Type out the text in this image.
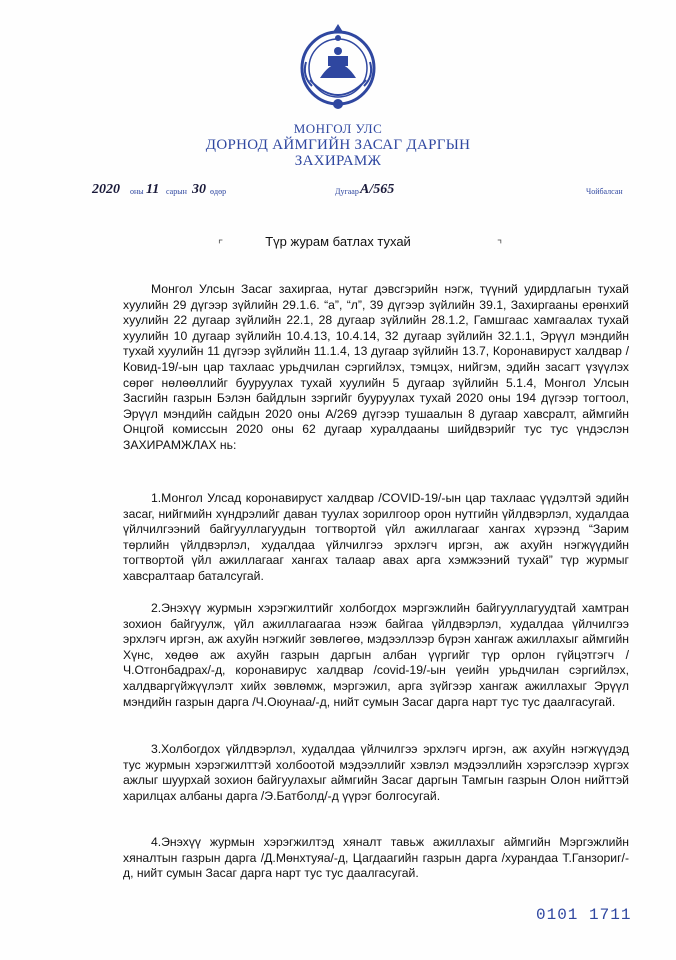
МОНГОЛ УЛС
ДОРНОД АЙМГИЙН ЗАСАГ ДАРГЫН
ЗАХИРАМЖ
2020 оны 11 сарын 30 өдөр	Дугаар А/565	Чойбалсан
⌜	Түр журам батлах тухай	⌝
Монгол Улсын Засаг захиргаа, нутаг дэвсгэрийн нэгж, түүний удирдлагын тухай хуулийн 29 дүгээр зүйлийн 29.1.6. “а”, “л”, 39 дүгээр зүйлийн 39.1, Захиргааны ерөнхий хуулийн 22 дугаар зүйлийн 22.1, 28 дугаар зүйлийн 28.1.2, Гамшгаас хамгаалах тухай хуулийн 10 дугаар зүйлийн 10.4.13, 10.4.14, 32 дугаар зүйлийн 32.1.1, Эрүүл мэндийн тухай хуулийн 11 дүгээр зүйлийн 11.1.4, 13 дугаар зүйлийн 13.7, Коронавируст халдвар /Ковид-19/-ын цар тахлаас урьдчилан сэргийлэх, тэмцэх, нийгэм, эдийн засагт үзүүлэх сөрөг нөлөөллийг бууруулах тухай хуулийн 5 дугаар зүйлийн 5.1.4, Монгол Улсын Засгийн газрын Бэлэн байдлын зэргийг бууруулах тухай 2020 оны 194 дүгээр тогтоол, Эрүүл мэндийн сайдын 2020 оны А/269 дүгээр тушаалын 8 дугаар хавсралт, аймгийн Онцгой комиссын 2020 оны 62 дугаар хуралдааны шийдвэрийг тус тус үндэслэн ЗАХИРАМЖЛАХ нь:
1.Монгол Улсад коронавируст халдвар /COVID-19/-ын цар тахлаас үүдэлтэй эдийн засаг, нийгмийн хүндрэлийг даван туулах зорилгоор орон нутгийн үйлдвэрлэл, худалдаа үйлчилгээний байгууллагуудын тогтвортой үйл ажиллагааг хангах хүрээнд “Зарим төрлийн үйлдвэрлэл, худалдаа үйлчилгээ эрхлэгч иргэн, аж ахуйн нэгжүүдийн тогтвортой үйл ажиллагааг хангах талаар авах арга хэмжээний тухай” түр журмыг хавсралтаар баталсугай.
2.Энэхүү журмын хэрэгжилтийг холбогдох мэргэжлийн байгууллагуудтай хамтран зохион байгуулж, үйл ажиллагаагаа нээж байгаа үйлдвэрлэл, худалдаа үйлчилгээ эрхлэгч иргэн, аж ахуйн нэгжийг зөвлөгөө, мэдээллээр бүрэн хангаж ажиллахыг аймгийн Хүнс, хөдөө аж ахуйн газрын даргын албан үүргийг түр орлон гүйцэтгэгч /Ч.Отгонбадрах/-д, коронавирус халдвар /covid-19/-ын үеийн урьдчилан сэргийлэх, халдваргүйжүүлэлт хийх зөвлөмж, мэргэжил, арга зүйгээр хангаж ажиллахыг Эрүүл мэндийн газрын дарга /Ч.Оюунаа/-д, нийт сумын Засаг дарга нарт тус тус даалгасугай.
3.Холбогдох үйлдвэрлэл, худалдаа үйлчилгээ эрхлэгч иргэн, аж ахуйн нэгжүүдэд тус журмын хэрэгжилттэй холбоотой мэдээллийг хэвлэл мэдээллийн хэрэгслээр хүргэх ажлыг шуурхай зохион байгуулахыг аймгийн Засаг даргын Тамгын газрын Олон нийттэй харилцах албаны дарга /Э.Батболд/-д үүрэг болгосугай.
4.Энэхүү журмын хэрэгжилтэд хяналт тавьж ажиллахыг аймгийн Мэргэжлийн хяналтын газрын дарга /Д.Мөнхтуяа/-д, Цагдаагийн газрын дарга /хурандаа Т.Ганзориг/-д, нийт сумын Засаг дарга нарт тус тус даалгасугай.
0101 1711
